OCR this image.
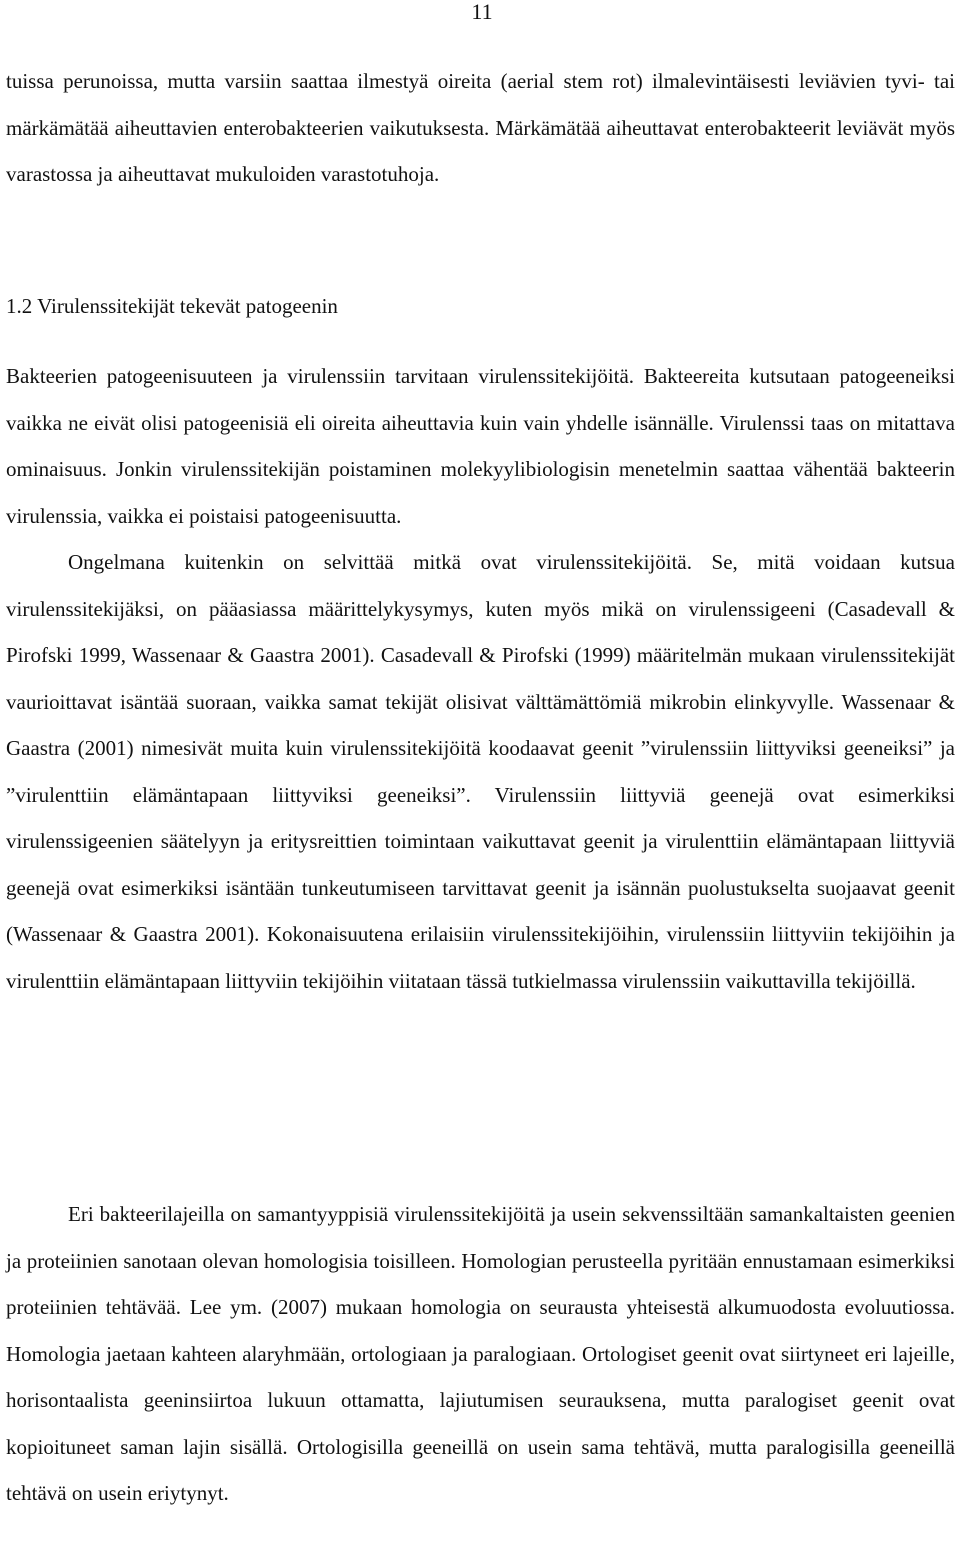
11

tuissa perunoissa, mutta varsiin saattaa ilmestyä oireita (aerial stem rot) ilmalevintäisesti leviävien tyvi- tai märkämätää aiheuttavien enterobakteerien vaikutuksesta. Märkämätää aiheuttavat enterobakteerit leviävät myös varastossa ja aiheuttavat mukuloiden varastotuhoja.

1.2 Virulenssitekijät tekevät patogeenin

Bakteerien patogeenisuuteen ja virulenssiin tarvitaan virulenssitekijöitä. Bakteereita kutsutaan patogeeneiksi vaikka ne eivät olisi patogeenisiä eli oireita aiheuttavia kuin vain yhdelle isännälle. Virulenssi taas on mitattava ominaisuus. Jonkin virulenssitekijän poistaminen molekyylibiologisin menetelmin saattaa vähentää bakteerin virulenssia, vaikka ei poistaisi patogeenisuutta.

Ongelmana kuitenkin on selvittää mitkä ovat virulenssitekijöitä. Se, mitä voidaan kutsua virulenssitekijäksi, on pääasiassa määrittelykysymys, kuten myös mikä on virulenssigeeni (Casadevall & Pirofski 1999, Wassenaar & Gaastra 2001). Casadevall & Pirofski (1999) määritelmän mukaan virulenssitekijät vaurioittavat isäntää suoraan, vaikka samat tekijät olisivat välttämättömiä mikrobin elinkyvylle. Wassenaar & Gaastra (2001) nimesivät muita kuin virulenssitekijöitä koodaavat geenit ”virulenssiin liittyviksi geeneiksi” ja ”virulenttiin elämäntapaan liittyviksi geeneiksi”. Virulenssiin liittyviä geenejä ovat esimerkiksi virulenssigeenien säätelyyn ja eritysreittien toimintaan vaikuttavat geenit ja virulenttiin elämäntapaan liittyviä geenejä ovat esimerkiksi isäntään tunkeutumiseen tarvittavat geenit ja isännän puolustukselta suojaavat geenit (Wassenaar & Gaastra 2001). Kokonaisuutena erilaisiin virulenssitekijöihin, virulenssiin liittyviin tekijöihin ja virulenttiin elämäntapaan liittyviin tekijöihin viitataan tässä tutkielmassa virulenssiin vaikuttavilla tekijöillä.

Eri bakteerilajeilla on samantyyppisiä virulenssitekijöitä ja usein sekvenssiltään samankaltaisten geenien ja proteiinien sanotaan olevan homologisia toisilleen. Homologian perusteella pyritään ennustamaan esimerkiksi proteiinien tehtävää. Lee ym. (2007) mukaan homologia on seurausta yhteisestä alkumuodosta evoluutiossa. Homologia jaetaan kahteen alaryhmään, ortologiaan ja paralogiaan. Ortologiset geenit ovat siirtyneet eri lajeille, horisontaalista geeninsiirtoa lukuun ottamatta, lajiutumisen seurauksena, mutta paralogiset geenit ovat kopioituneet saman lajin sisällä. Ortologisilla geeneillä on usein sama tehtävä, mutta paralogisilla geeneillä tehtävä on usein eriytynyt.
